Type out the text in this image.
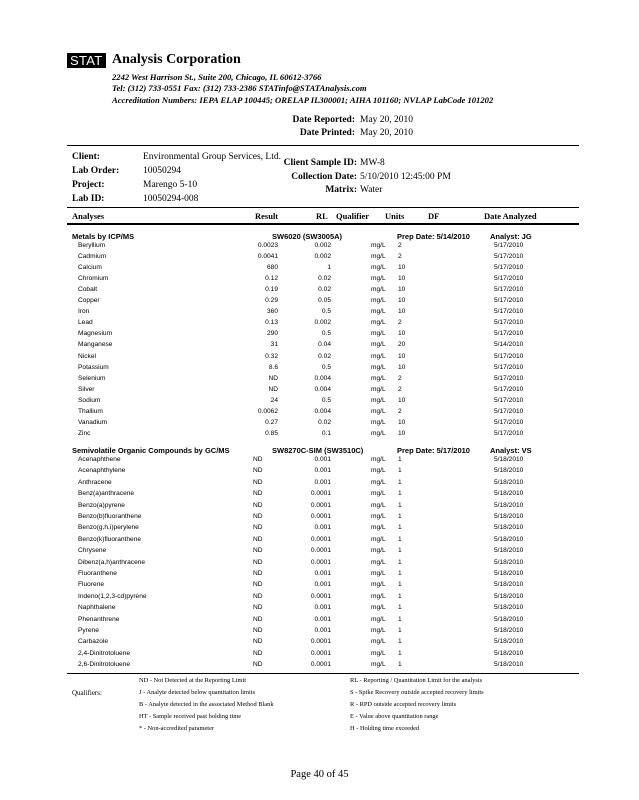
STAT Analysis Corporation
2242 West Harrison St., Suite 200, Chicago, IL 60612-3766
Tel: (312) 733-0551 Fax: (312) 733-2386 STATinfo@STATAnalysis.com
Accreditation Numbers: IEPA ELAP 100445; ORELAP IL300001; AIHA 101160; NVLAP LabCode 101202
Date Reported: May 20, 2010
Date Printed: May 20, 2010
Client:	Environmental Group Services, Ltd.
Lab Order:	10050294
Project:	Marengo 5-10
Lab ID:	10050294-008
Client Sample ID: MW-8
Collection Date: 5/10/2010 12:45:00 PM
Matrix: Water
Analyses	Result	RL Qualifier Units	DF	Date Analyzed
Metals by ICP/MS	SW6020 (SW3005A)	Prep Date: 5/14/2010	Analyst: JG
Beryllium	0.0023	0.002	mg/L 2	5/17/2010
Cadmium	0.0041	0.002	mg/L 2	5/17/2010
Calcium	680	1	mg/L 10	5/17/2010
Chromium	0.12	0.02	mg/L 10	5/17/2010
Cobalt	0.19	0.02	mg/L 10	5/17/2010
Copper	0.29	0.05	mg/L 10	5/17/2010
Iron	360	0.5	mg/L 10	5/17/2010
Lead	0.13	0.002	mg/L 2	5/17/2010
Magnesium	290	0.5	mg/L 10	5/17/2010
Manganese	31	0.04	mg/L 20	5/14/2010
Nickel	0.32	0.02	mg/L 10	5/17/2010
Potassium	8.6	0.5	mg/L 10	5/17/2010
Selenium	ND	0.004	mg/L 2	5/17/2010
Silver	ND	0.004	mg/L 2	5/17/2010
Sodium	24	0.5	mg/L 10	5/17/2010
Thallium	0.0062	0.004	mg/L 2	5/17/2010
Vanadium	0.27	0.02	mg/L 10	5/17/2010
Zinc	0.85	0.1	mg/L 10	5/17/2010
Semivolatile Organic Compounds by GC/MS	SW8270C-SIM (SW3510C)	Prep Date: 5/17/2010	Analyst: VS
Acenaphthene	ND	0.001	mg/L 1	5/18/2010
Acenaphthylene	ND	0.001	mg/L 1	5/18/2010
Anthracene	ND	0.001	mg/L 1	5/18/2010
Benz(a)anthracene	ND	0.0001	mg/L 1	5/18/2010
Benzo(a)pyrene	ND	0.0001	mg/L 1	5/18/2010
Benzo(b)fluoranthene	ND	0.0001	mg/L 1	5/18/2010
Benzo(g,h,i)perylene	ND	0.001	mg/L 1	5/18/2010
Benzo(k)fluoranthene	ND	0.0001	mg/L 1	5/18/2010
Chrysene	ND	0.0001	mg/L 1	5/18/2010
Dibenz(a,h)anthracene	ND	0.0001	mg/L 1	5/18/2010
Fluoranthene	ND	0.001	mg/L 1	5/18/2010
Fluorene	ND	0.001	mg/L 1	5/18/2010
Indeno(1,2,3-cd)pyrene	ND	0.0001	mg/L 1	5/18/2010
Naphthalene	ND	0.001	mg/L 1	5/18/2010
Phenanthrene	ND	0.001	mg/L 1	5/18/2010
Pyrene	ND	0.001	mg/L 1	5/18/2010
Carbazole	ND	0.0001	mg/L 1	5/18/2010
2,4-Dinitrotoluene	ND	0.0001	mg/L 1	5/18/2010
2,6-Dinitrotoluene	ND	0.0001	mg/L 1	5/18/2010
Qualifiers:
ND - Not Detected at the Reporting Limit
J - Analyte detected below quantitation limits
B - Analyte detected in the associated Method Blank
HT - Sample received past holding time
* - Non-accredited parameter
RL - Reporting / Quantitation Limit for the analysis
S - Spike Recovery outside accepted recovery limits
R - RPD outside accepted recovery limits
E - Value above quantitation range
H - Holding time exceeded
Page 40 of 45
